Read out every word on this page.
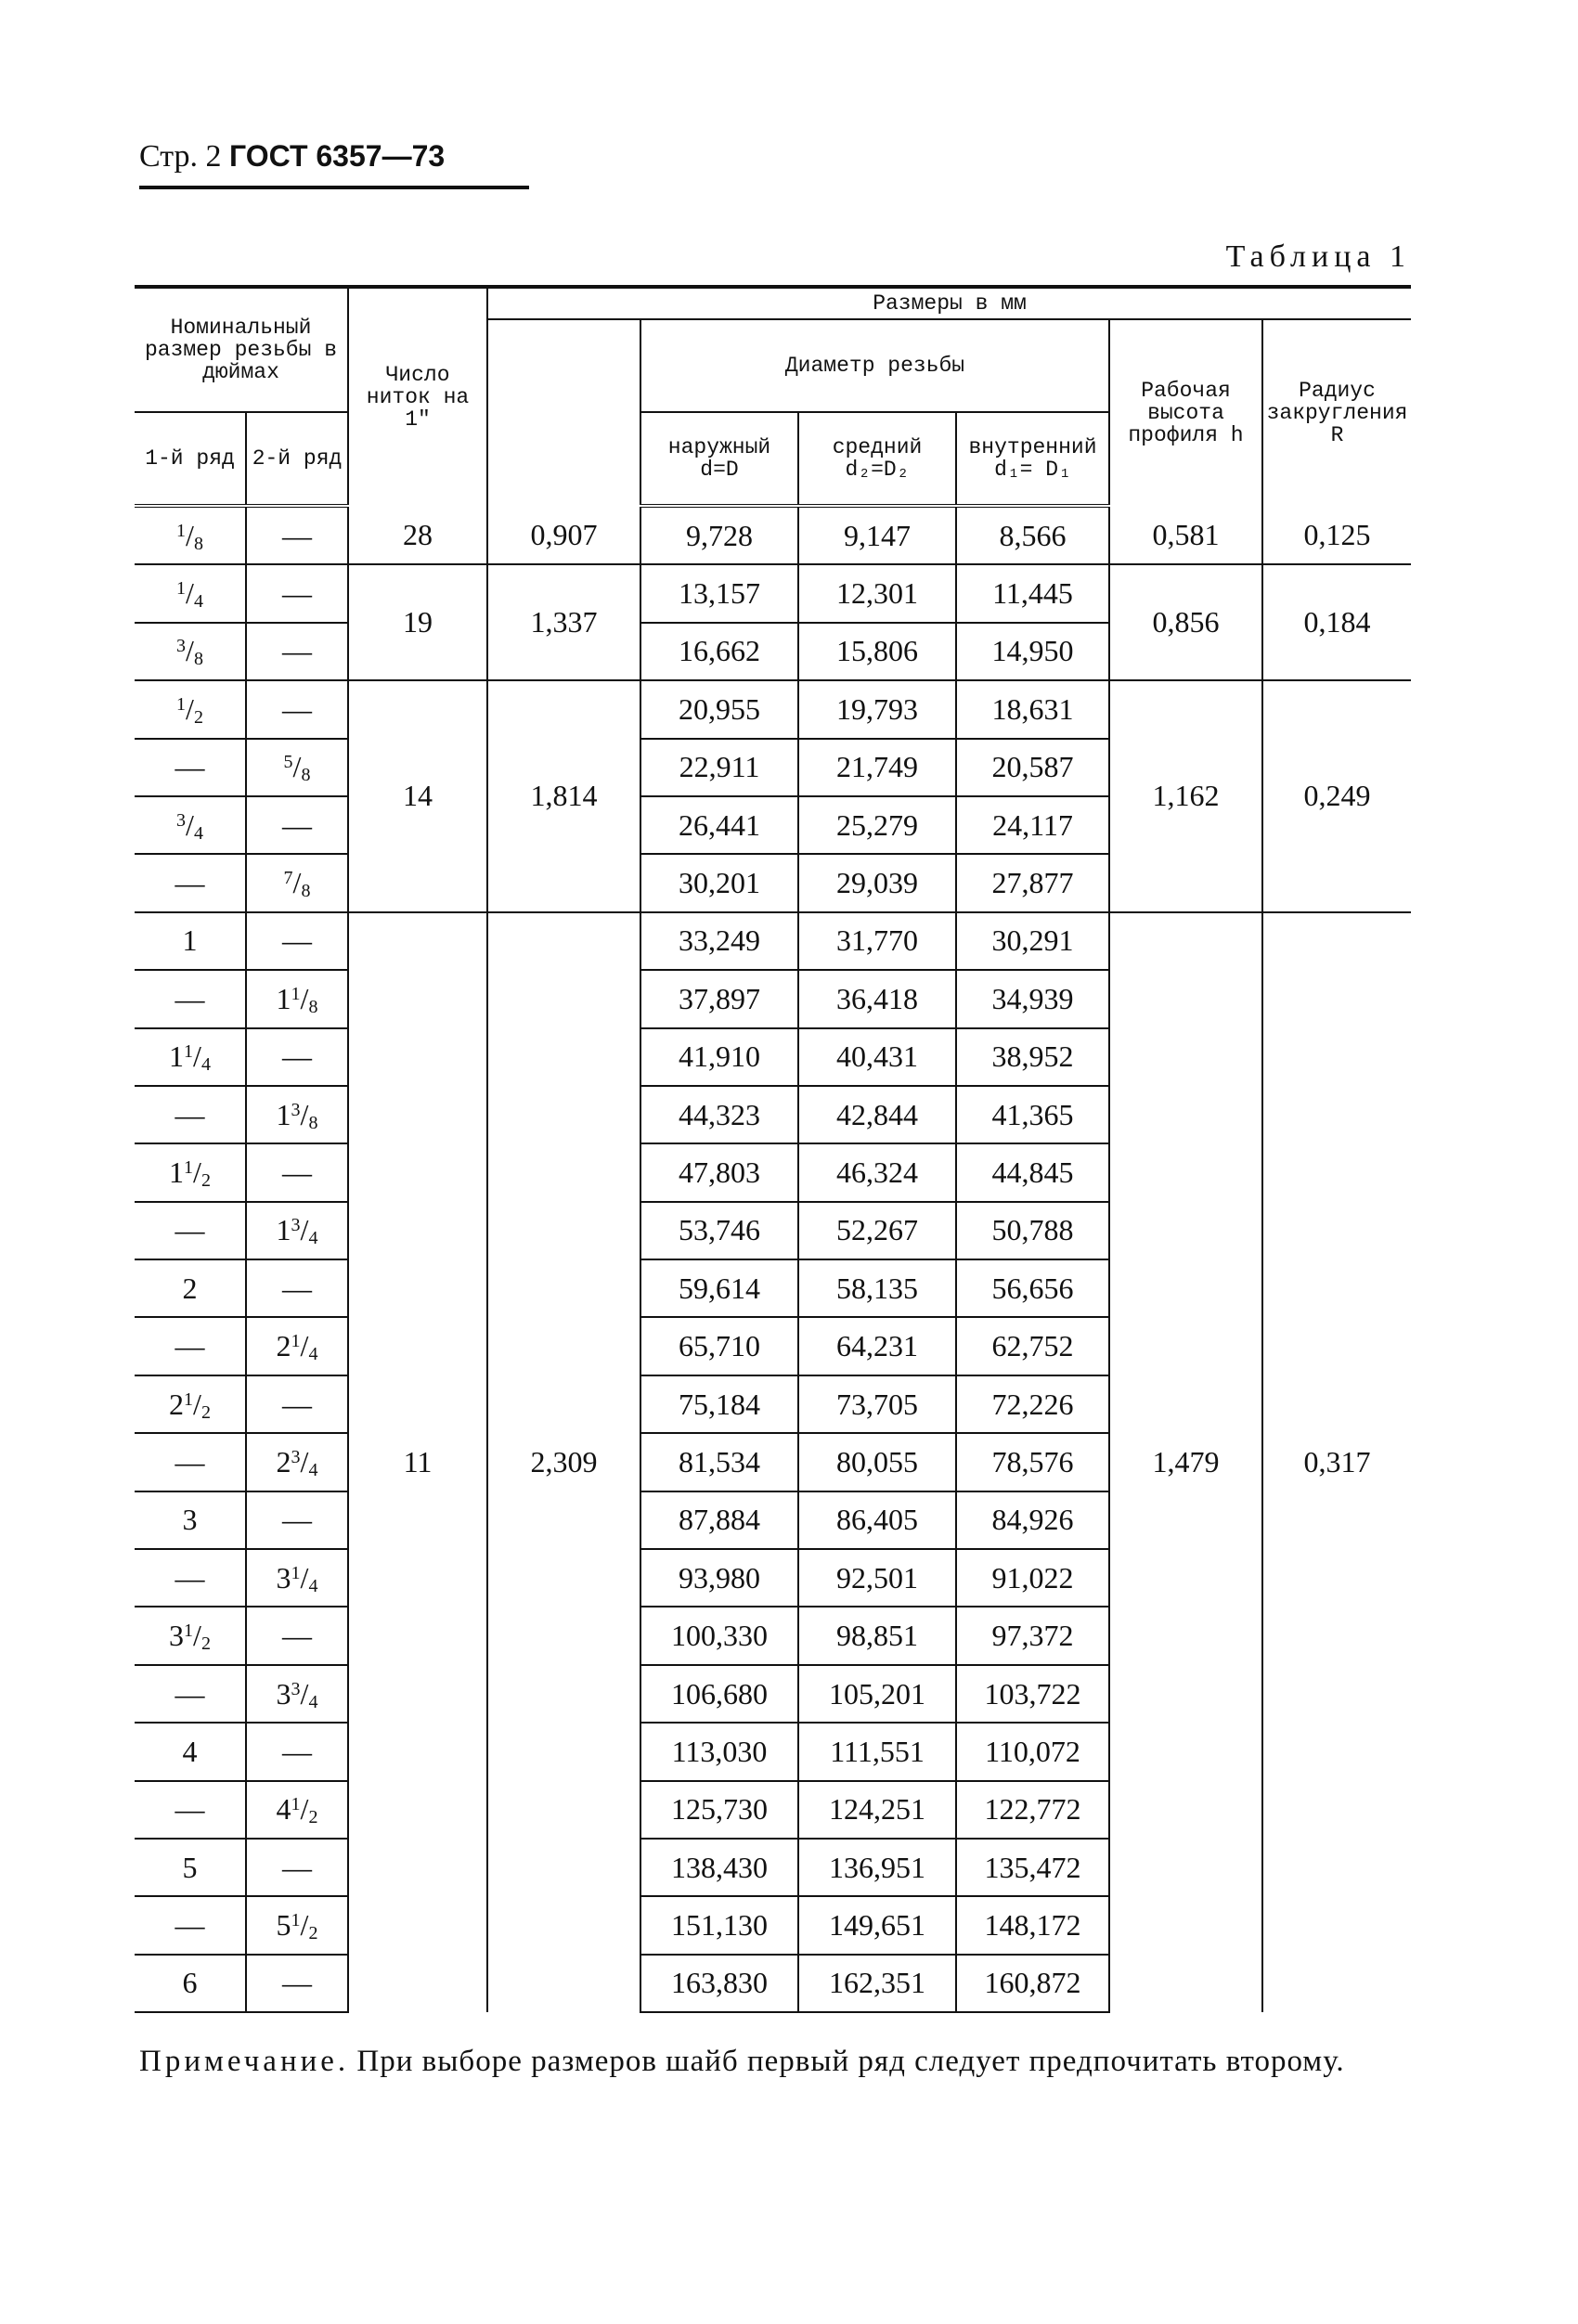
Стр. 2 ГОСТ 6357—73
Таблица 1
Номинальный размер резьбы в дюймах		Число ниток на 1″	Размеры в мм					
				Диаметр резьбы			Рабочая высота профиля h	Радиус закругления R
1-й ряд	2-й ряд			наружный d=D	средний d₂=D₂	внутренний d₁= D₁		
$^1/_8$	—	28	0,907	9,728	9,147	8,566	0,581	0,125
$^1/_4$	—	19	1,337	13,157	12,301	11,445	0,856	0,184
$^3/_8$	—			16,662	15,806	14,950		
$^1/_2$	—	14	1,814	20,955	19,793	18,631	1,162	0,249
—	$^5/_8$			22,911	21,749	20,587		
$^3/_4$	—			26,441	25,279	24,117		
—	$^7/_8$			30,201	29,039	27,877		
1	—	11	2,309	33,249	31,770	30,291	1,479	0,317
—	$1^1/_8$			37,897	36,418	34,939		
$1^1/_4$	—			41,910	40,431	38,952		
—	$1^3/_8$			44,323	42,844	41,365		
$1^1/_2$	—			47,803	46,324	44,845		
—	$1^3/_4$			53,746	52,267	50,788		
2	—			59,614	58,135	56,656		
—	$2^1/_4$			65,710	64,231	62,752		
$2^1/_2$	—			75,184	73,705	72,226		
—	$2^3/_4$			81,534	80,055	78,576		
3	—			87,884	86,405	84,926		
—	$3^1/_4$			93,980	92,501	91,022		
$3^1/_2$	—			100,330	98,851	97,372		
—	$3^3/_4$			106,680	105,201	103,722		
4	—			113,030	111,551	110,072		
—	$4^1/_2$			125,730	124,251	122,772		
5	—			138,430	136,951	135,472		
—	$5^1/_2$			151,130	149,651	148,172		
6	—			163,830	162,351	160,872		
Примечание. При выборе размеров шайб первый ряд следует предпочитать второму.
